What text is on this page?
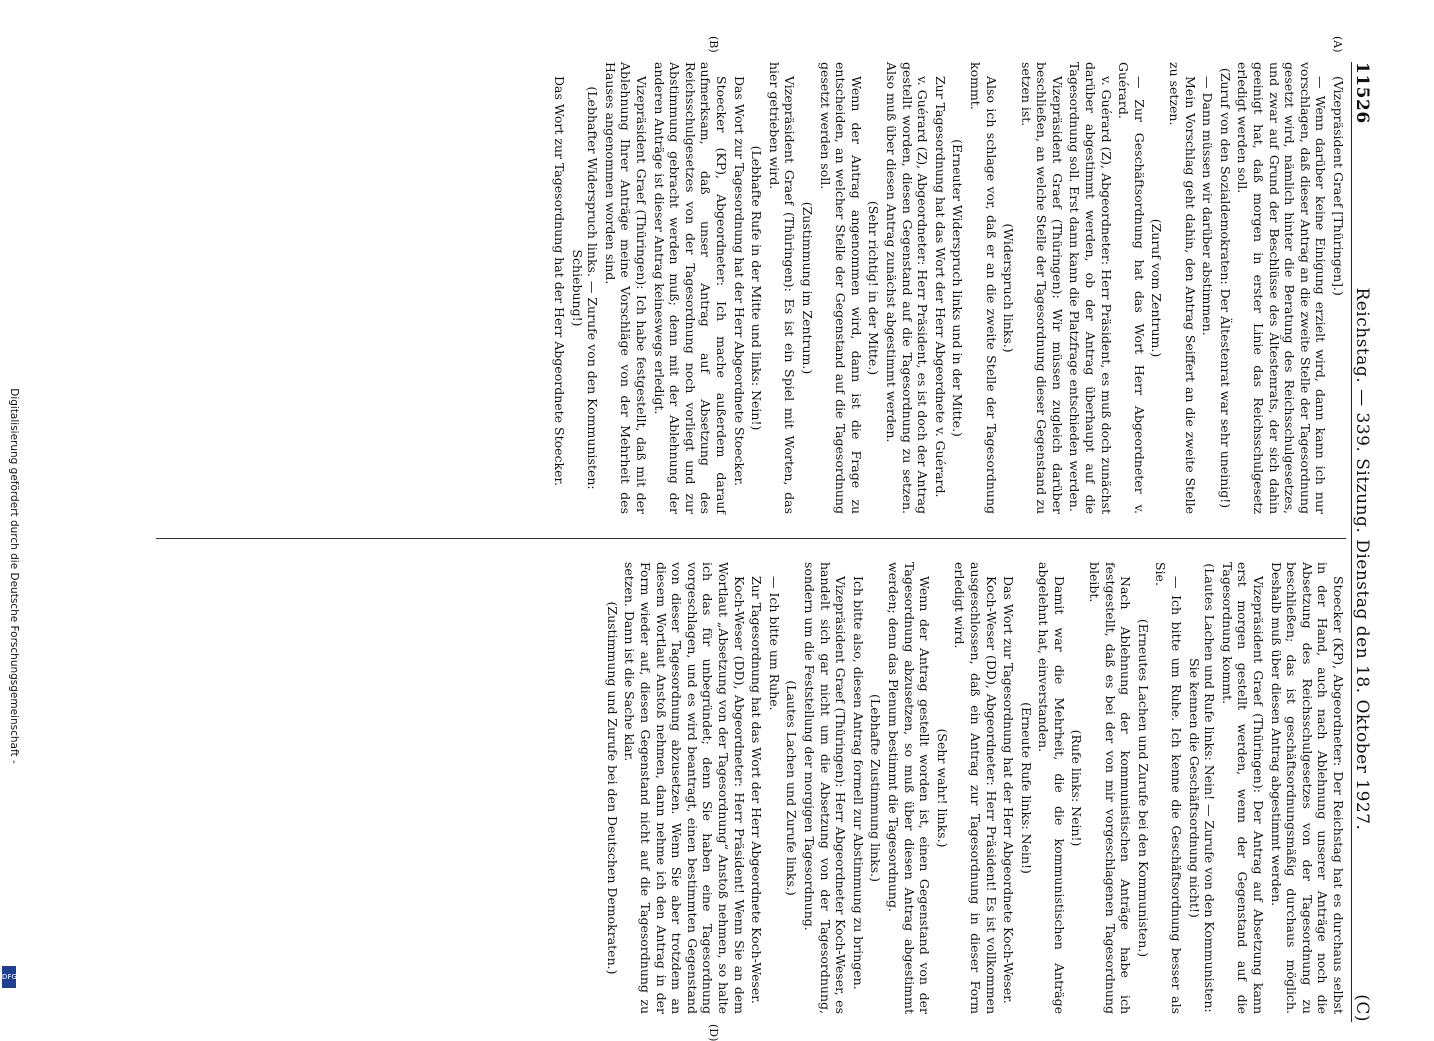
11526
Reichstag. — 339. Sitzung. Dienstag den 18. Oktober 1927.
(C)
(A)
(B)
(D)

(Vizepräsident Graef [Thüringen].)

— Wenn darüber keine Einigung erzielt wird, dann kann ich nur vorschlagen, daß dieser Antrag an die zweite Stelle der Tagesordnung gesetzt wird, nämlich hinter die Beratung des Reichsschulgesetzes, und zwar auf Grund der Beschlüsse des Ältestenrats, der sich dahin geeinigt hat, daß morgen in erster Linie das Reichsschulgesetz erledigt werden soll.

(Zuruf von den Sozialdemokraten: Der Ältestenrat war sehr uneinig!)

— Dann müssen wir darüber abstimmen.

Mein Vorschlag geht dahin, den Antrag Seiffert an die zweite Stelle zu setzen.

(Zuruf vom Zentrum.)

— Zur Geschäftsordnung hat das Wort Herr Abgeordneter v. Guérard.

v. Guérard (Z), Abgeordneter: Herr Präsident, es muß doch zunächst darüber abgestimmt werden, ob der Antrag überhaupt auf die Tagesordnung soll. Erst dann kann die Platzfrage entschieden werden.

Vizepräsident Graef (Thüringen): Wir müssen zugleich darüber beschließen, an welche Stelle der Tagesordnung dieser Gegenstand zu setzen ist.

(Widerspruch links.)

Also ich schlage vor, daß er an die zweite Stelle der Tagesordnung kommt.

(Erneuter Widerspruch links und in der Mitte.)

Zur Tagesordnung hat das Wort der Herr Abgeordnete v. Guérard.

v. Guérard (Z), Abgeordneter: Herr Präsident, es ist doch der Antrag gestellt worden, diesen Gegenstand auf die Tagesordnung zu setzen. Also muß über diesen Antrag zunächst abgestimmt werden.

(Sehr richtig! in der Mitte.)

Wenn der Antrag angenommen wird, dann ist die Frage zu entscheiden, an welcher Stelle der Gegenstand auf die Tagesordnung gesetzt werden soll.

(Zustimmung im Zentrum.)

Vizepräsident Graef (Thüringen): Es ist ein Spiel mit Worten, das hier getrieben wird.

(Lebhafte Rufe in der Mitte und links: Nein!)

Das Wort zur Tagesordnung hat der Herr Abgeordnete Stoecker.

Stoecker (KP), Abgeordneter: Ich mache außerdem darauf aufmerksam, daß unser Antrag auf Absetzung des Reichsschulgesetzes von der Tagesordnung noch vorliegt und zur Abstimmung gebracht werden muß; denn mit der Ablehnung der anderen Anträge ist dieser Antrag keineswegs erledigt.

Vizepräsident Graef (Thüringen): Ich habe festgestellt, daß mit der Ablehnung Ihrer Anträge meine Vorschläge von der Mehrheit des Hauses angenommen worden sind.

(Lebhafter Widerspruch links. — Zurufe von den Kommunisten: Schiebung!)

Das Wort zur Tagesordnung hat der Herr Abgeordnete Stoecker.

Stoecker (KP), Abgeordneter: Der Reichstag hat es durchaus selbst in der Hand, auch nach Ablehnung unserer Anträge noch die Absetzung des Reichsschulgesetzes von der Tagesordnung zu beschließen; das ist geschäftsordnungsmäßig durchaus möglich. Deshalb muß über diesen Antrag abgestimmt werden.

Vizepräsident Graef (Thüringen): Der Antrag auf Absetzung kann erst morgen gestellt werden, wenn der Gegenstand auf die Tagesordnung kommt.

(Lautes Lachen und Rufe links: Nein! — Zurufe von den Kommunisten: Sie kennen die Geschäftsordnung nicht!)

— Ich bitte um Ruhe. Ich kenne die Geschäftsordnung besser als Sie.

(Erneutes Lachen und Zurufe bei den Kommunisten.)

Nach Ablehnung der kommunistischen Anträge habe ich festgestellt, daß es bei der von mir vorgeschlagenen Tagesordnung bleibt.

(Rufe links: Nein!)

Damit war die Mehrheit, die die kommunistischen Anträge abgelehnt hat, einverstanden.

(Erneute Rufe links: Nein!)

Das Wort zur Tagesordnung hat der Herr Abgeordnete Koch-Weser.

Koch-Weser (DD), Abgeordneter: Herr Präsident! Es ist vollkommen ausgeschlossen, daß ein Antrag zur Tagesordnung in dieser Form erledigt wird.

(Sehr wahr! links.)

Wenn der Antrag gestellt worden ist, einen Gegenstand von der Tagesordnung abzusetzen, so muß über diesen Antrag abgestimmt werden; denn das Plenum bestimmt die Tagesordnung.

(Lebhafte Zustimmung links.)

Ich bitte also, diesen Antrag formell zur Abstimmung zu bringen.

Vizepräsident Graef (Thüringen): Herr Abgeordneter Koch-Weser, es handelt sich gar nicht um die Absetzung von der Tagesordnung, sondern um die Feststellung der morgigen Tagesordnung.

(Lautes Lachen und Zurufe links.)

— Ich bitte um Ruhe.

Zur Tagesordnung hat das Wort der Herr Abgeordnete Koch-Weser.

Koch-Weser (DD), Abgeordneter: Herr Präsident! Wenn Sie an dem Wortlaut „Absetzung von der Tagesordnung“ Anstoß nehmen, so halte ich das für unbegründet; denn Sie haben eine Tagesordnung vorgeschlagen, und es wird beantragt, einen bestimmten Gegenstand von dieser Tagesordnung abzusetzen. Wenn Sie aber trotzdem an diesem Wortlaut Anstoß nehmen, dann nehme ich den Antrag in der Form wieder auf, diesen Gegenstand nicht auf die Tagesordnung zu setzen. Dann ist die Sache klar.

(Zustimmung und Zurufe bei den Deutschen Demokraten.)

Digitalisierung gefördert durch die Deutsche Forschungsgemeinschaft -
DFG
